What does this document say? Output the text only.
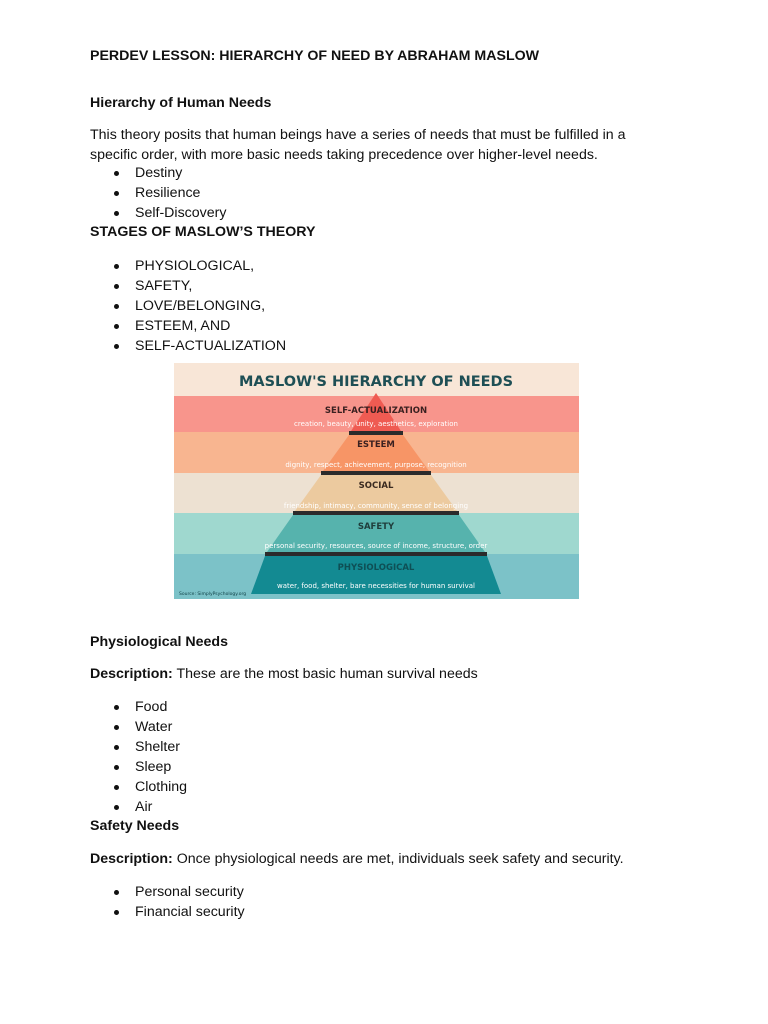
PERDEV LESSON: HIERARCHY OF NEED BY ABRAHAM MASLOW

Hierarchy of Human Needs

This theory posits that human beings have a series of needs that must be fulfilled in a
specific order, with more basic needs taking precedence over higher-level needs.

Destiny
Resilience
Self-Discovery

STAGES OF MASLOW’S THEORY

PHYSIOLOGICAL,
SAFETY,
LOVE/BELONGING,
ESTEEM, AND
SELF-ACTUALIZATION
MASLOW'S HIERARCHY OF NEEDS
SELF-ACTUALIZATION
creation, beauty, unity, aesthetics, exploration
ESTEEM
dignity, respect, achievement, purpose, recognition
SOCIAL
friendship, intimacy, community, sense of belonging
SAFETY
personal security, resources, source of income, structure, order
PHYSIOLOGICAL
water, food, shelter, bare necessities for human survival
Source: SimplyPsychology.org

Physiological Needs

Description: These are the most basic human survival needs

Food
Water
Shelter
Sleep
Clothing
Air

Safety Needs

Description: Once physiological needs are met, individuals seek safety and security.

Personal security
Financial security
